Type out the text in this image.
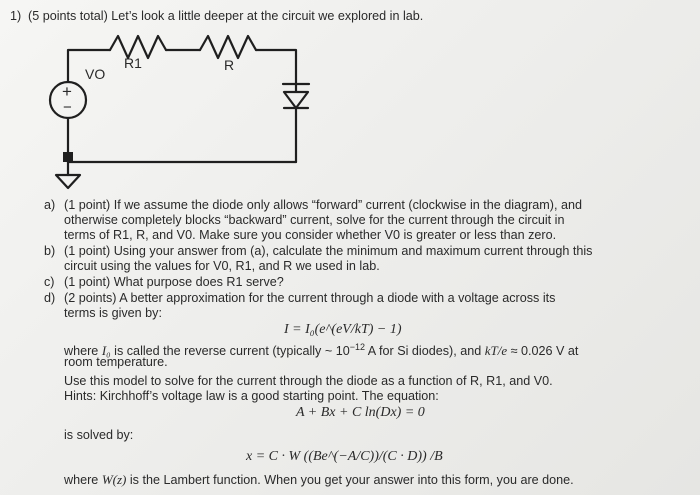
1) (5 points total) Let’s look a little deeper at the circuit we explored in lab.
+
−
VO
R1	R
a) (1 point) If we assume the diode only allows “forward” current (clockwise in the diagram), and
otherwise completely blocks “backward” current, solve for the current through the circuit in
terms of R1, R, and V0. Make sure you consider whether V0 is greater or less than zero.
b) (1 point) Using your answer from (a), calculate the minimum and maximum current through this
circuit using the values for V0, R1, and R we used in lab.
c) (1 point) What purpose does R1 serve?
d) (2 points) A better approximation for the current through a diode with a voltage across its
terms is given by:
I = I₀(e^(eV/kT) − 1)
where I₀ is called the reverse current (typically ~ $10^{-12}$ A for Si diodes), and kT/e ≈ 0.026 V at
room temperature.
Use this model to solve for the current through the diode as a function of R, R1, and V0.
Hints: Kirchhoff’s voltage law is a good starting point. The equation:
A + Bx + C ln(Dx) = 0
is solved by:
x = C · W ((Be^(−A/C))/(C · D)) /B
where W(z) is the Lambert function. When you get your answer into this form, you are done.
